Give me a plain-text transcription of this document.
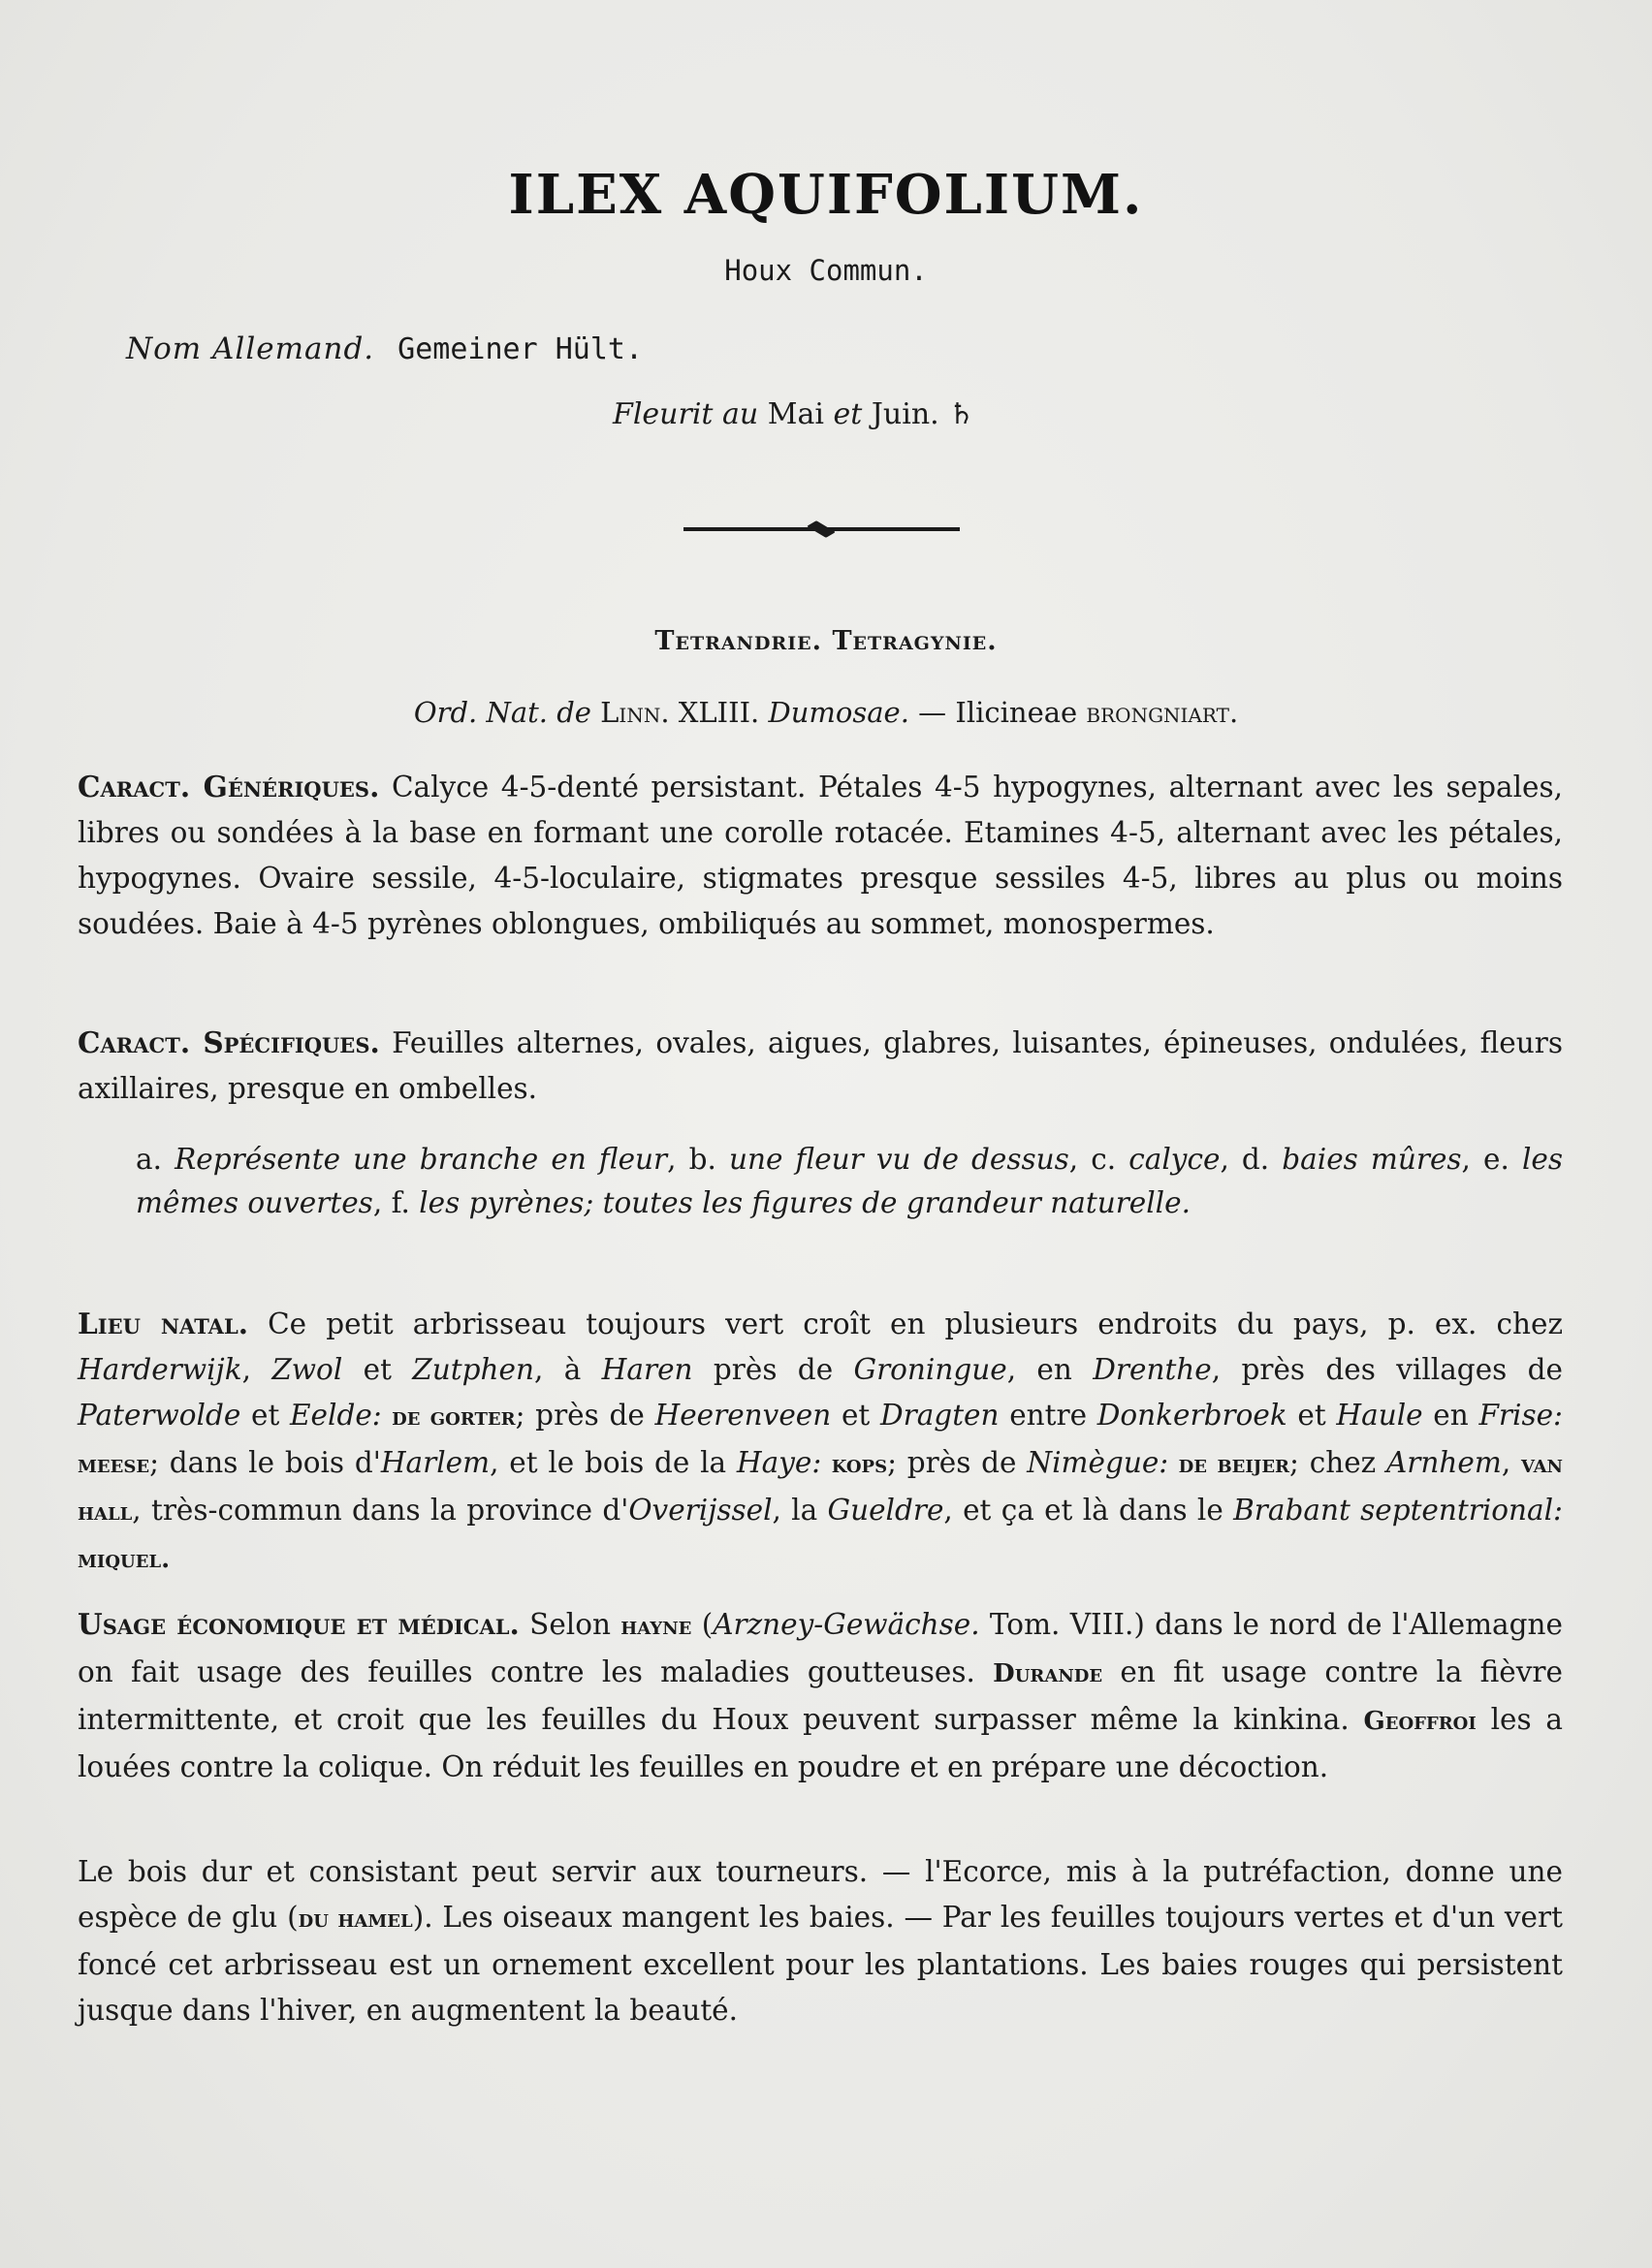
ILEX AQUIFOLIUM.
Houx Commun.
Nom Allemand. Gemeiner Hült.
Fleurit au Mai et Juin. ♄
Tetrandrie. Tetragynie.
Ord. Nat. de Linn. XLIII. Dumosae. — Ilicineae brongniart.

Caract. Génériques. Calyce 4-5-denté persistant. Pétales 4-5 hypogynes, alternant avec les sepales, libres ou sondées à la base en formant une corolle rotacée. Etamines 4-5, alternant avec les pétales, hypogynes. Ovaire sessile, 4-5-loculaire, stigmates presque sessiles 4-5, libres au plus ou moins soudées. Baie à 4-5 pyrènes oblongues, ombiliqués au sommet, monospermes.

Caract. Spécifiques. Feuilles alternes, ovales, aigues, glabres, luisantes, épineuses, ondulées, fleurs axillaires, presque en ombelles.

a. Représente une branche en fleur, b. une fleur vu de dessus, c. calyce, d. baies mûres, e. les mêmes ouvertes, f. les pyrènes; toutes les figures de grandeur naturelle.

Lieu natal. Ce petit arbrisseau toujours vert croît en plusieurs endroits du pays, p. ex. chez Harderwijk, Zwol et Zutphen, à Haren près de Groningue, en Drenthe, près des villages de Paterwolde et Eelde: de gorter; près de Heerenveen et Dragten entre Donkerbroek et Haule en Frise: meese; dans le bois d'Harlem, et le bois de la Haye: kops; près de Nimègue: de beijer; chez Arnhem, van hall, très-commun dans la province d'Overijssel, la Gueldre, et ça et là dans le Brabant septentrional: miquel.

Usage économique et médical. Selon hayne (Arzney-Gewächse. Tom. VIII.) dans le nord de l'Allemagne on fait usage des feuilles contre les maladies goutteuses. Durande en fit usage contre la fièvre intermittente, et croit que les feuilles du Houx peuvent surpasser même la kinkina. Geoffroi les a louées contre la colique. On réduit les feuilles en poudre et en prépare une décoction.

Le bois dur et consistant peut servir aux tourneurs. — l'Ecorce, mis à la putréfaction, donne une espèce de glu (du hamel). Les oiseaux mangent les baies. — Par les feuilles toujours vertes et d'un vert foncé cet arbrisseau est un ornement excellent pour les plantations. Les baies rouges qui persistent jusque dans l'hiver, en augmentent la beauté.
